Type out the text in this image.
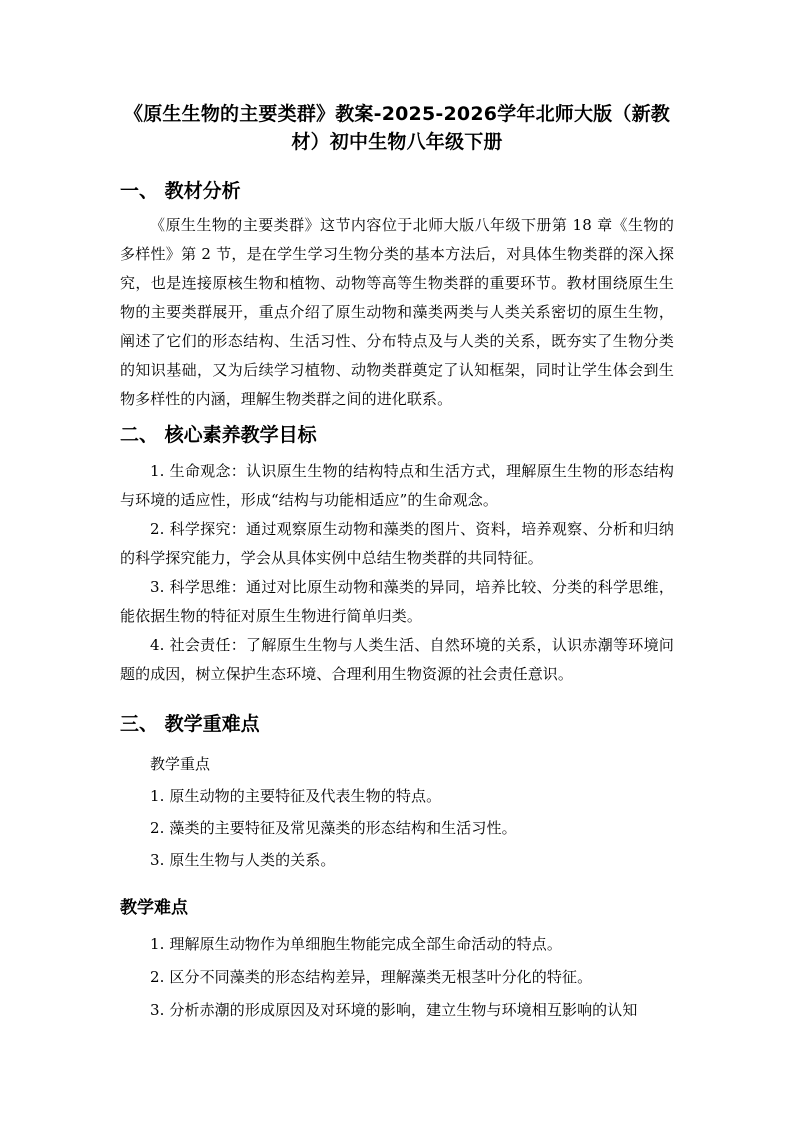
《原生生物的主要类群》教案-2025-2026学年北师大版（新教材）初中生物八年级下册
一、 教材分析
《原生生物的主要类群》这节内容位于北师大版八年级下册第 18 章《生物的多样性》第 2 节，是在学生学习生物分类的基本方法后，对具体生物类群的深入探究，也是连接原核生物和植物、动物等高等生物类群的重要环节。教材围绕原生生物的主要类群展开，重点介绍了原生动物和藻类两类与人类关系密切的原生生物，阐述了它们的形态结构、生活习性、分布特点及与人类的关系，既夯实了生物分类的知识基础，又为后续学习植物、动物类群奠定了认知框架，同时让学生体会到生物多样性的内涵，理解生物类群之间的进化联系。
二、 核心素养教学目标
1. 生命观念：认识原生生物的结构特点和生活方式，理解原生生物的形态结构与环境的适应性，形成“结构与功能相适应”的生命观念。
2. 科学探究：通过观察原生动物和藻类的图片、资料，培养观察、分析和归纳的科学探究能力，学会从具体实例中总结生物类群的共同特征。
3. 科学思维：通过对比原生动物和藻类的异同，培养比较、分类的科学思维，能依据生物的特征对原生生物进行简单归类。
4. 社会责任：了解原生生物与人类生活、自然环境的关系，认识赤潮等环境问题的成因，树立保护生态环境、合理利用生物资源的社会责任意识。
三、 教学重难点
教学重点
1. 原生动物的主要特征及代表生物的特点。
2. 藻类的主要特征及常见藻类的形态结构和生活习性。
3. 原生生物与人类的关系。
教学难点
1. 理解原生动物作为单细胞生物能完成全部生命活动的特点。
2. 区分不同藻类的形态结构差异，理解藻类无根茎叶分化的特征。
3. 分析赤潮的形成原因及对环境的影响，建立生物与环境相互影响的认知
